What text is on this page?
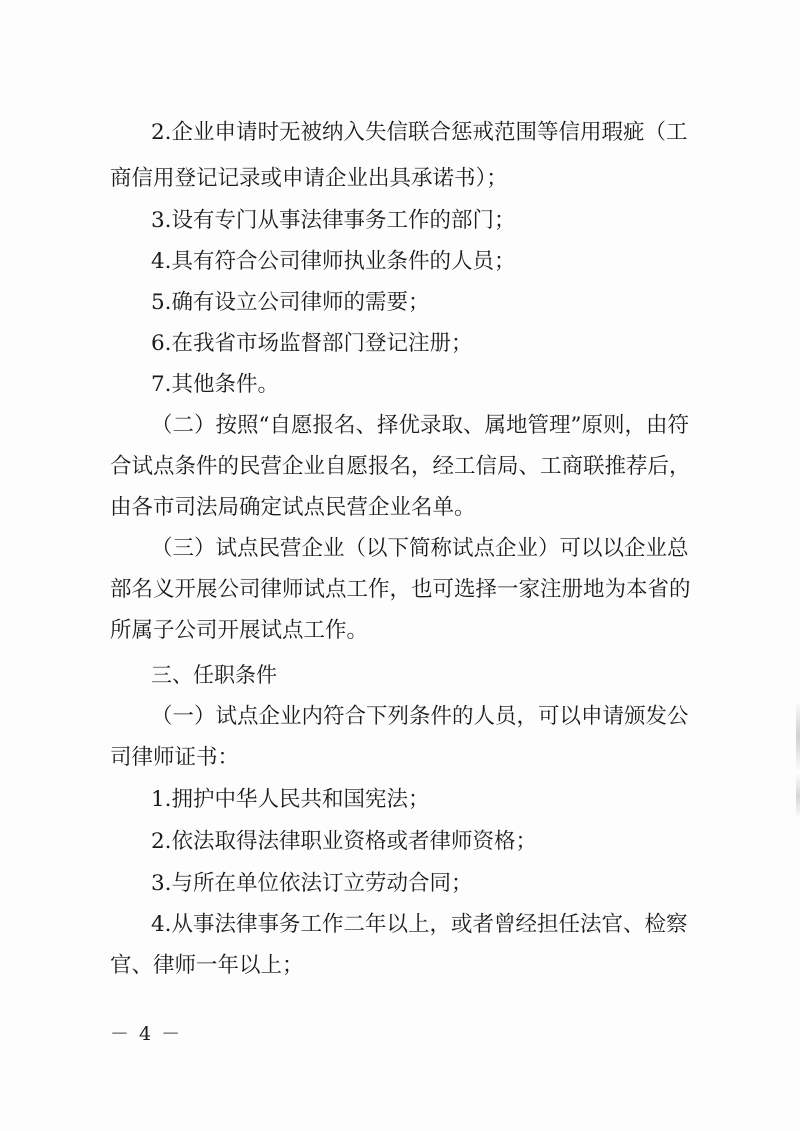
2.企业申请时无被纳入失信联合惩戒范围等信用瑕疵（工
商信用登记记录或申请企业出具承诺书）；
3.设有专门从事法律事务工作的部门；
4.具有符合公司律师执业条件的人员；
5.确有设立公司律师的需要；
6.在我省市场监督部门登记注册；
7.其他条件。
（二）按照“自愿报名、择优录取、属地管理”原则，由符
合试点条件的民营企业自愿报名，经工信局、工商联推荐后，
由各市司法局确定试点民营企业名单。
（三）试点民营企业（以下简称试点企业）可以以企业总
部名义开展公司律师试点工作，也可选择一家注册地为本省的
所属子公司开展试点工作。
三、任职条件
（一）试点企业内符合下列条件的人员，可以申请颁发公
司律师证书：
1.拥护中华人民共和国宪法；
2.依法取得法律职业资格或者律师资格；
3.与所在单位依法订立劳动合同；
4.从事法律事务工作二年以上，或者曾经担任法官、检察
官、律师一年以上；
－ 4 －
